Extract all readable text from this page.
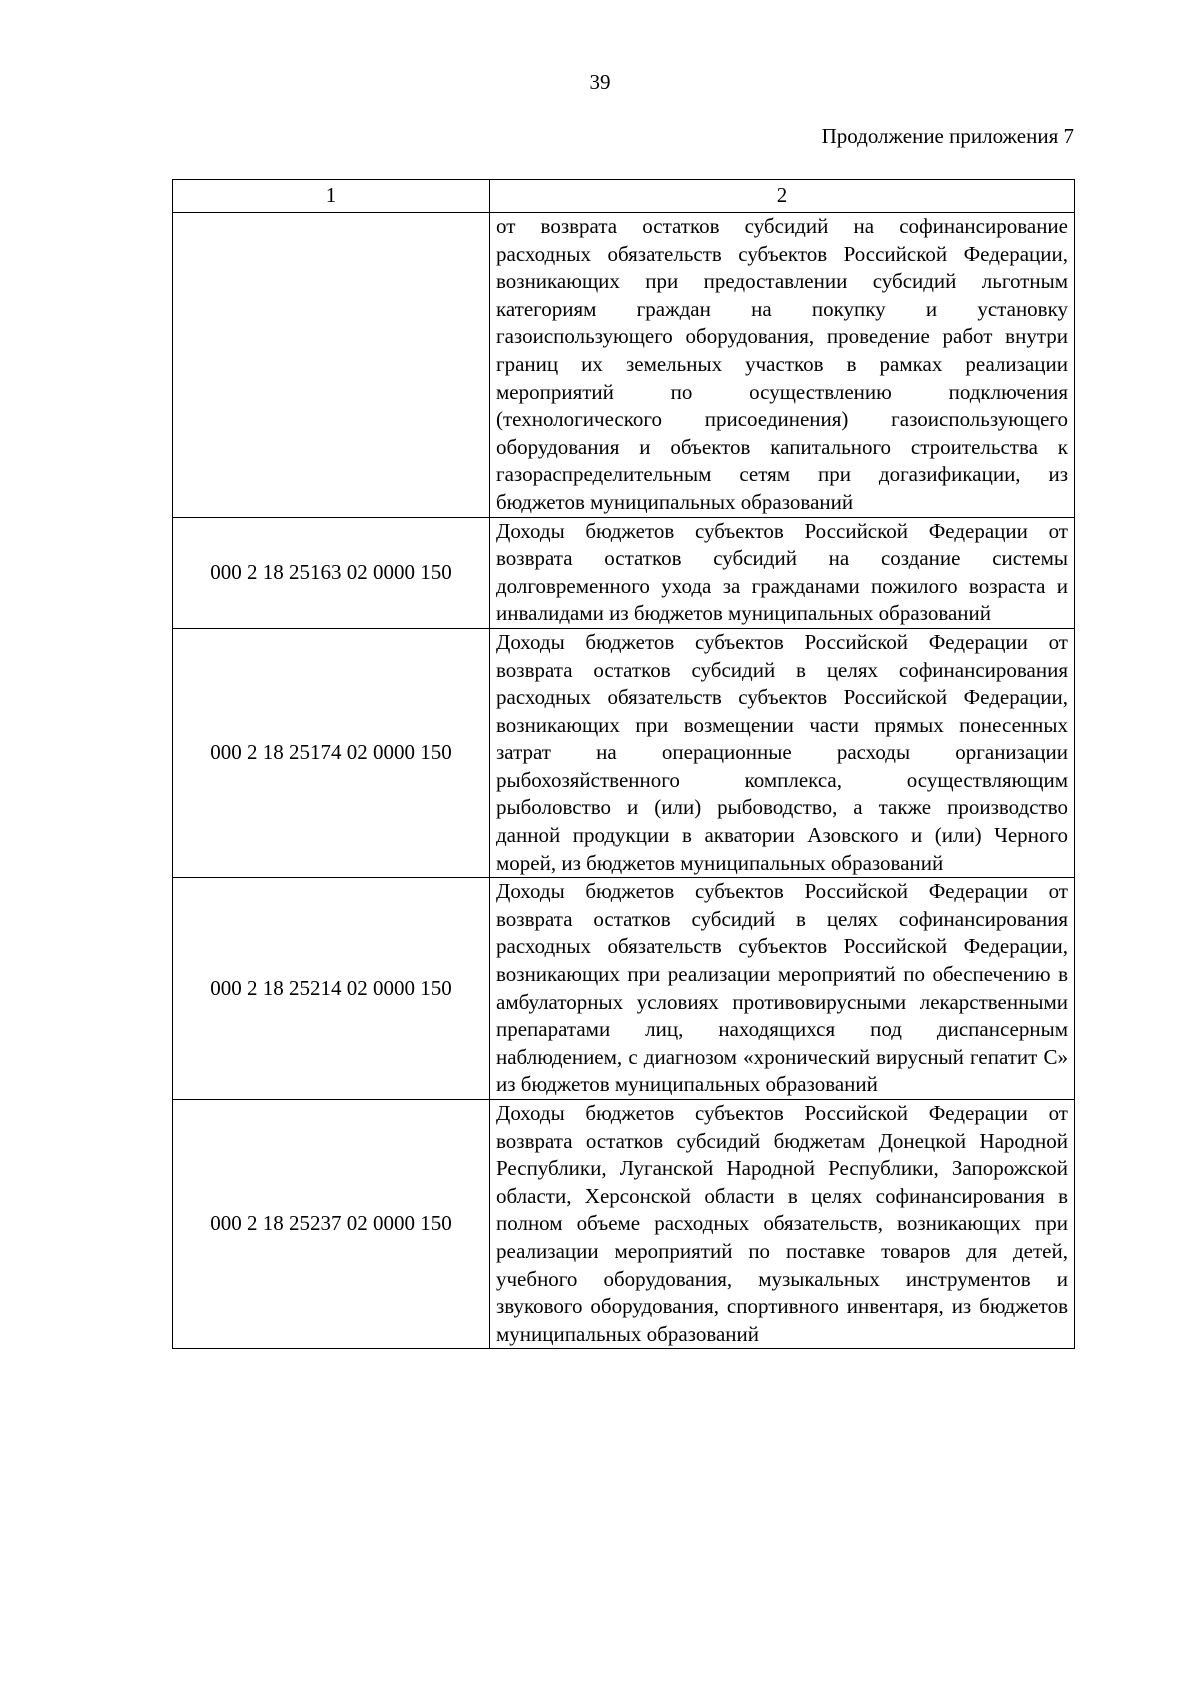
39
Продолжение приложения 7
1	2
	от возврата остатков субсидий на софинансирование расходных обязательств субъектов Российской Федерации, возникающих при предоставлении субсидий льготным категориям граждан на покупку и установку газоиспользующего оборудования, проведение работ внутри границ их земельных участков в рамках реализации мероприятий по осуществлению подключения (технологического присоединения) газоиспользующего оборудования и объектов капитального строительства к газораспределительным сетям при догазификации, из бюджетов муниципальных образований
000 2 18 25163 02 0000 150	Доходы бюджетов субъектов Российской Федерации от возврата остатков субсидий на создание системы долговременного ухода за гражданами пожилого возраста и инвалидами из бюджетов муниципальных образований
000 2 18 25174 02 0000 150	Доходы бюджетов субъектов Российской Федерации от возврата остатков субсидий в целях софинансирования расходных обязательств субъектов Российской Федерации, возникающих при возмещении части прямых понесенных затрат на операционные расходы организации рыбохозяйственного комплекса, осуществляющим рыболовство и (или) рыбоводство, а также производство данной продукции в акватории Азовского и (или) Черного морей, из бюджетов муниципальных образований
000 2 18 25214 02 0000 150	Доходы бюджетов субъектов Российской Федерации от возврата остатков субсидий в целях софинансирования расходных обязательств субъектов Российской Федерации, возникающих при реализации мероприятий по обеспечению в амбулаторных условиях противовирусными лекарственными препаратами лиц, находящихся под диспансерным наблюдением, с диагнозом «хронический вирусный гепатит С» из бюджетов муниципальных образований
000 2 18 25237 02 0000 150	Доходы бюджетов субъектов Российской Федерации от возврата остатков субсидий бюджетам Донецкой Народной Республики, Луганской Народной Республики, Запорожской области, Херсонской области в целях софинансирования в полном объеме расходных обязательств, возникающих при реализации мероприятий по поставке товаров для детей, учебного оборудования, музыкальных инструментов и звукового оборудования, спортивного инвентаря, из бюджетов муниципальных образований
